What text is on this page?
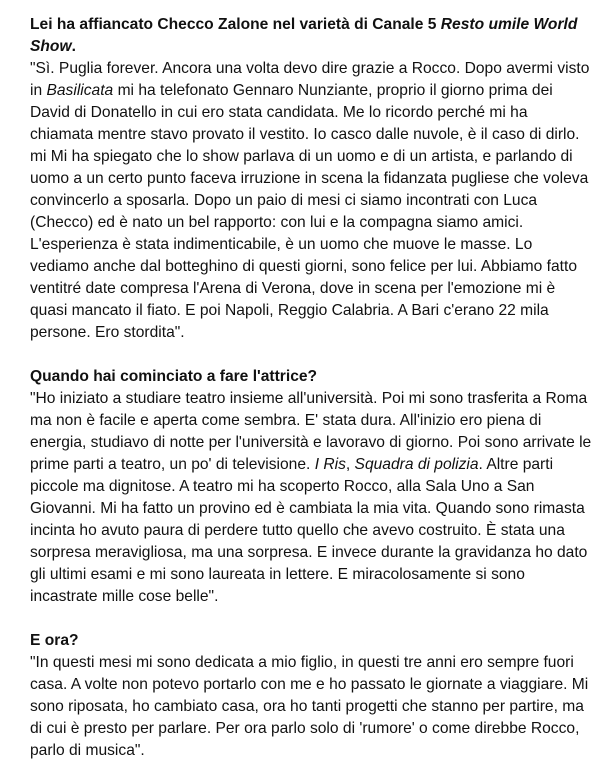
Lei ha affiancato Checco Zalone nel varietà di Canale 5 Resto umile World Show.

"Sì. Puglia forever. Ancora una volta devo dire grazie a Rocco. Dopo avermi visto in Basilicata mi ha telefonato Gennaro Nunziante, proprio il giorno prima dei David di Donatello in cui ero stata candidata. Me lo ricordo perché mi ha chiamata mentre stavo provato il vestito. Io casco dalle nuvole, è il caso di dirlo. mi Mi ha spiegato che lo show parlava di un uomo e di un artista, e parlando di uomo a un certo punto faceva irruzione in scena la fidanzata pugliese che voleva convincerlo a sposarla. Dopo un paio di mesi ci siamo incontrati con Luca (Checco) ed è nato un bel rapporto: con lui e la compagna siamo amici. L'esperienza è stata indimenticabile, è un uomo che muove le masse. Lo vediamo anche dal botteghino di questi giorni, sono felice per lui. Abbiamo fatto ventitré date compresa l'Arena di Verona, dove in scena per l'emozione mi è quasi mancato il fiato. E poi Napoli, Reggio Calabria. A Bari c'erano 22 mila persone. Ero stordita".

Quando hai cominciato a fare l'attrice?

"Ho iniziato a studiare teatro insieme all'università. Poi mi sono trasferita a Roma ma non è facile e aperta come sembra. E' stata dura. All'inizio ero piena di energia, studiavo di notte per l'università e lavoravo di giorno. Poi sono arrivate le prime parti a teatro, un po' di televisione. I Ris, Squadra di polizia. Altre parti piccole ma dignitose. A teatro mi ha scoperto Rocco, alla Sala Uno a San Giovanni. Mi ha fatto un provino ed è cambiata la mia vita. Quando sono rimasta incinta ho avuto paura di perdere tutto quello che avevo costruito. È stata una sorpresa meravigliosa, ma una sorpresa. E invece durante la gravidanza ho dato gli ultimi esami e mi sono laureata in lettere. E miracolosamente si sono incastrate mille cose belle".

E ora?

"In questi mesi mi sono dedicata a mio figlio, in questi tre anni ero sempre fuori casa. A volte non potevo portarlo con me e ho passato le giornate a viaggiare. Mi sono riposata, ho cambiato casa, ora ho tanti progetti che stanno per partire, ma di cui è presto per parlare. Per ora parlo solo di 'rumore' o come direbbe Rocco, parlo di musica".
